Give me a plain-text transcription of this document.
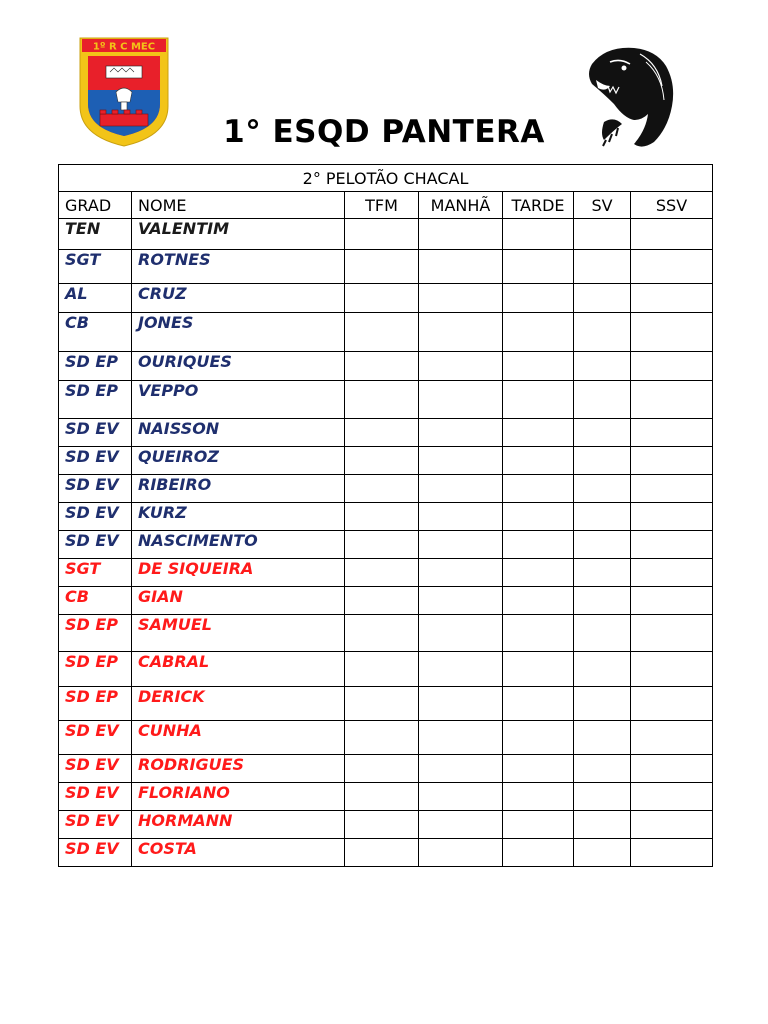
1º R C MEC
1° ESQD PANTERA
2° PELOTÃO CHACAL						
GRAD	NOME	TFM	MANHÃ	TARDE	SV	SSV
TEN	VALENTIM					
SGT	ROTNES					
AL	CRUZ					
CB	JONES					
SD EP	OURIQUES					
SD EP	VEPPO					
SD EV	NAISSON					
SD EV	QUEIROZ					
SD EV	RIBEIRO					
SD EV	KURZ					
SD EV	NASCIMENTO					
SGT	DE SIQUEIRA					
CB	GIAN					
SD EP	SAMUEL					
SD EP	CABRAL					
SD EP	DERICK					
SD EV	CUNHA					
SD EV	RODRIGUES					
SD EV	FLORIANO					
SD EV	HORMANN					
SD EV	COSTA					
